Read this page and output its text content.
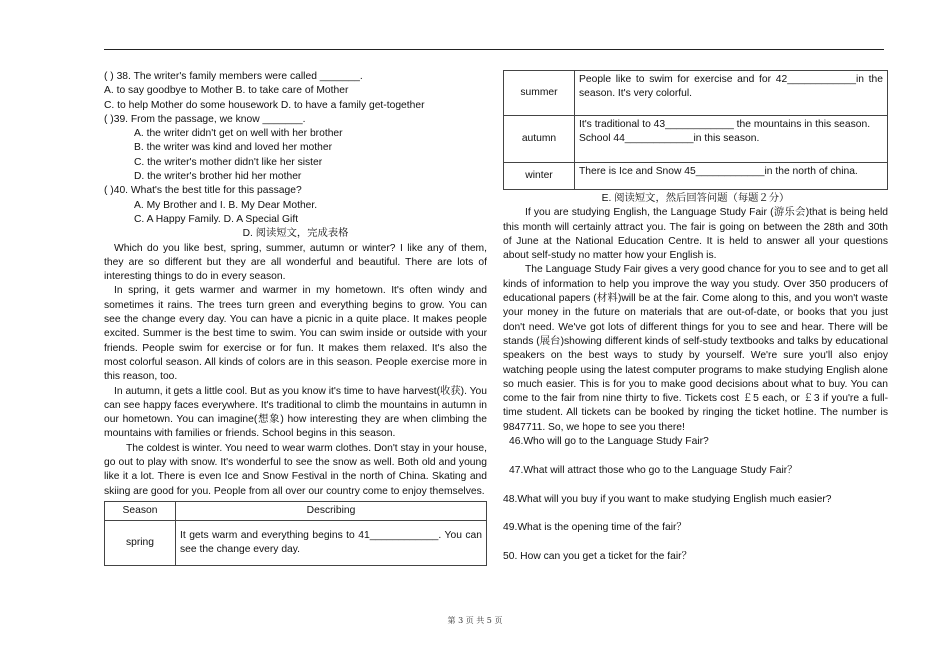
( ) 38. The writer's family members were called _______.

A. to say goodbye to Mother B. to take care of Mother

C. to help Mother do some housework D. to have a family get-together

( )39. From the passage, we know _______.

A. the writer didn't get on well with her brother

B. the writer was kind and loved her mother

C. the writer's mother didn't like her sister

D. the writer's brother hid her mother

( )40. What's the best title for this passage?

A. My Brother and I. B. My Dear Mother.

C. A Happy Family. D. A Special Gift

D. 阅读短文，完成表格

Which do you like best, spring, summer, autumn or winter? I like any of them, they are so different but they are all wonderful and beautiful. There are lots of interesting things to do in every season.

In spring, it gets warmer and warmer in my hometown. It's often windy and sometimes it rains. The trees turn green and everything begins to grow. You can see the change every day. You can have a picnic in a quite place. It makes people excited. Summer is the best time to swim. You can swim inside or outside with your friends. People swim for exercise or for fun. It makes them relaxed. It's also the most colorful season. All kinds of colors are in this season. People exercise more in this reason, too.

In autumn, it gets a little cool. But as you know it's time to have harvest(收获). You can see happy faces everywhere. It's traditional to climb the mountains in autumn in our hometown. You can imagine(想象) how interesting they are when climbing the mountains with families or friends. School begins in this season.

The coldest is winter. You need to wear warm clothes. Don't stay in your house, go out to play with snow. It's wonderful to see the snow as well. Both old and young like it a lot. There is even Ice and Snow Festival in the north of China. Skating and skiing are good for you. People from all over our country come to enjoy themselves.

Season	Describing
spring	It gets warm and everything begins to 41____________. You can see the change every day.
summer	People like to swim for exercise and for 42____________in the season. It's very colorful.
autumn	It's traditional to 43____________ the mountains in this season.
School 44____________in this season.

winter	There is Ice and Snow 45____________in the north of china.

E. 阅读短文，然后回答问题（每题２分）

If you are studying English, the Language Study Fair (游乐会)that is being held this month will certainly attract you. The fair is going on between the 28th and 30th of June at the National Education Centre. It is held to answer all your questions about self-study no matter how your English is.

The Language Study Fair gives a very good chance for you to see and to get all kinds of information to help you improve the way you study. Over 350 producers of educational papers (材料)will be at the fair. Come along to this, and you won't waste your money in the future on materials that are out-of-date, or books that you just don't need. We've got lots of different things for you to see and hear. There will be stands (展台)showing different kinds of self-study textbooks and talks by educational speakers on the best ways to study by yourself. We're sure you'll also enjoy watching people using the latest computer programs to make studying English alone so much easier. This is for you to make good decisions about what to buy. You can come to the fair from nine thirty to five. Tickets cost ￡5 each, or ￡3 if you're a full-time student. All tickets can be booked by ringing the ticket hotline. The number is 9847711. So, we hope to see you there!

46.Who will go to the Language Study Fair?

47.What will attract those who go to the Language Study Fair？

48.What will you buy if you want to make studying English much easier?

49.What is the opening time of the fair？

50. How can you get a ticket for the fair？

第 3 页 共 5 页
